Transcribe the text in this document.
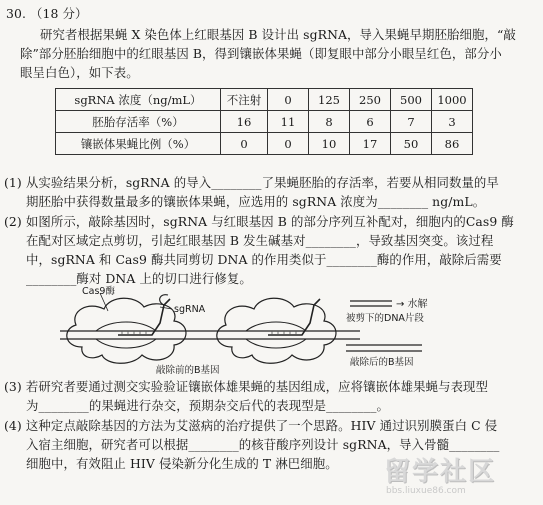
30. （18 分）
研究者根据果蝇 X 染色体上红眼基因 B 设计出 sgRNA，导入果蝇早期胚胎细胞，“敲
除”部分胚胎细胞中的红眼基因 B，得到镶嵌体果蝇（即复眼中部分小眼呈红色，部分小
眼呈白色），如下表。
sgRNA 浓度（ng/mL）	不注射	0	125	250	500	1000
胚胎存活率（%）	16	11	8	6	7	3
镶嵌体果蝇比例（%）	0	0	10	17	50	86
(1) 从实验结果分析，sgRNA 的导入________了果蝇胚胎的存活率，若要从相同数量的早
期胚胎中获得数量最多的镶嵌体果蝇，应选用的 sgRNA 浓度为________ ng/mL。
(2) 如图所示，敲除基因时，sgRNA 与红眼基因 B 的部分序列互补配对，细胞内的Cas9 酶
在配对区域定点剪切，引起红眼基因 B 发生碱基对________，导致基因突变。该过程
中，sgRNA 和 Cas9 酶共同剪切 DNA 的作用类似于________酶的作用，敲除后需要
________酶对 DNA 上的切口进行修复。
Cas9酶
sgRNA
敲除前的B基因
被剪下的DNA片段
→ 水解
敲除后的B基因
(3) 若研究者要通过测交实验验证镶嵌体雄果蝇的基因组成，应将镶嵌体雄果蝇与表现型
为________的果蝇进行杂交，预期杂交后代的表现型是________。
(4) 这种定点敲除基因的方法为艾滋病的治疗提供了一个思路。HIV 通过识别膜蛋白 C 侵
入宿主细胞，研究者可以根据________的核苷酸序列设计 sgRNA，导入骨髓________
细胞中，有效阻止 HIV 侵染新分化生成的 T 淋巴细胞。 留学社区
bbs.liuxue86.com
